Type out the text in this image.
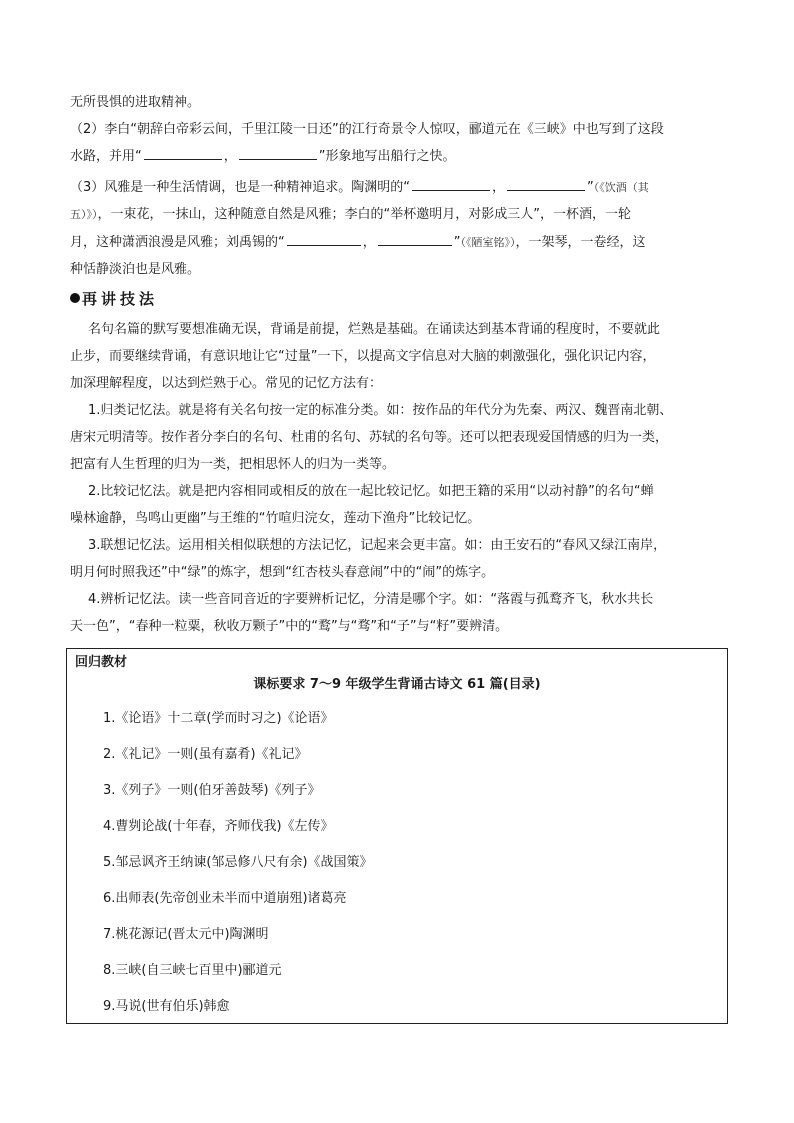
无所畏惧的进取精神。
（2）李白“朝辞白帝彩云间，千里江陵一日还”的江行奇景令人惊叹，郦道元在《三峡》中也写到了这段
水路，并用“	，	”形象地写出船行之快。
（3）风雅是一种生活情调，也是一种精神追求。陶渊明的“	，	”（《饮酒（其
五）》），一束花，一抹山，这种随意自然是风雅；李白的“举杯邀明月，对影成三人”，一杯酒，一轮
月，这种潇洒浪漫是风雅；刘禹锡的“	，	”（《陋室铭》），一架琴，一卷经，这
种恬静淡泊也是风雅。
再讲技法
名句名篇的默写要想准确无误，背诵是前提，烂熟是基础。在诵读达到基本背诵的程度时，不要就此
止步，而要继续背诵，有意识地让它“过量”一下，以提高文字信息对大脑的刺激强化，强化识记内容，
加深理解程度，以达到烂熟于心。常见的记忆方法有：
1.归类记忆法。就是将有关名句按一定的标准分类。如：按作品的年代分为先秦、两汉、魏晋南北朝、
唐宋元明清等。按作者分李白的名句、杜甫的名句、苏轼的名句等。还可以把表现爱国情感的归为一类，
把富有人生哲理的归为一类，把相思怀人的归为一类等。
2.比较记忆法。就是把内容相同或相反的放在一起比较记忆。如把王籍的采用“以动衬静”的名句“蝉
噪林逾静，鸟鸣山更幽”与王维的“竹喧归浣女，莲动下渔舟”比较记忆。
3.联想记忆法。运用相关相似联想的方法记忆，记起来会更丰富。如：由王安石的“春风又绿江南岸，
明月何时照我还”中“绿”的炼字，想到“红杏枝头春意闹”中的“闹”的炼字。
4.辨析记忆法。读一些音同音近的字要辨析记忆，分清是哪个字。如：“落霞与孤鹜齐飞，秋水共长
天一色”，“春种一粒粟，秋收万颗子”中的“鹜”与“骛”和“子”与“籽”要辨清。
回归教材
课标要求 7～9 年级学生背诵古诗文 61 篇(目录)
1.《论语》十二章(学而时习之)《论语》
2.《礼记》一则(虽有嘉肴)《礼记》
3.《列子》一则(伯牙善鼓琴)《列子》
4.曹刿论战(十年春，齐师伐我)《左传》
5.邹忌讽齐王纳谏(邹忌修八尺有余)《战国策》
6.出师表(先帝创业未半而中道崩殂)诸葛亮
7.桃花源记(晋太元中)陶渊明
8.三峡(自三峡七百里中)郦道元
9.马说(世有伯乐)韩愈
